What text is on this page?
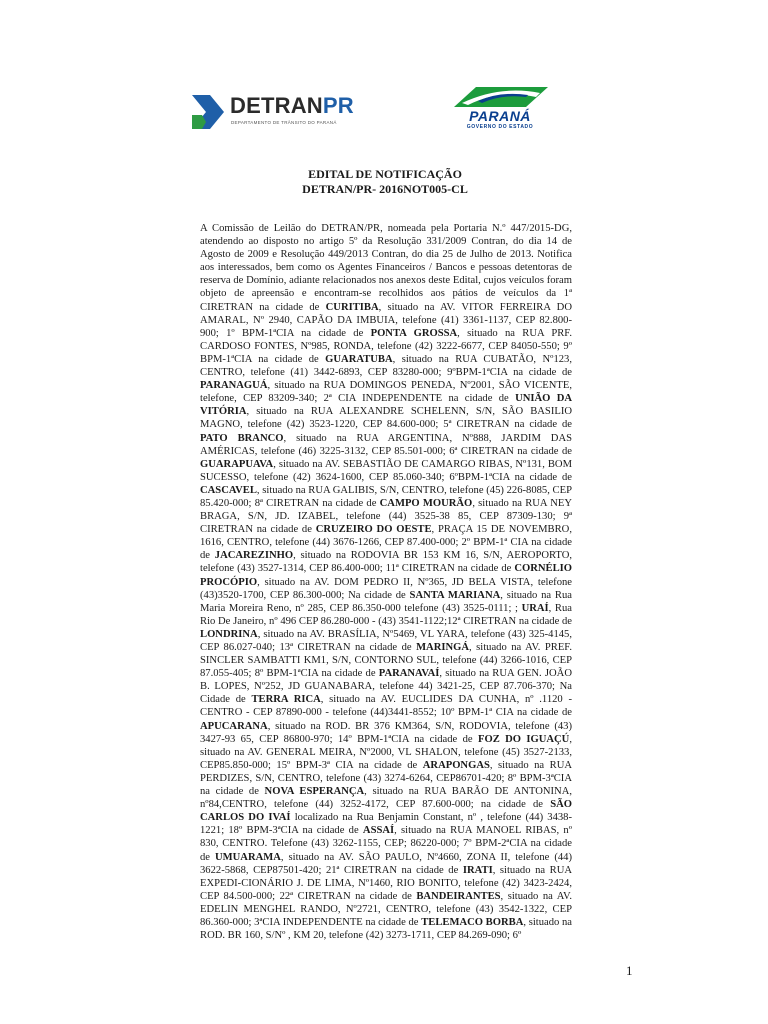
DETRANPR
DEPARTAMENTO DE TRÂNSITO DO PARANÁ	PARANÁ
GOVERNO DO ESTADO
EDITAL DE NOTIFICAÇÃO
DETRAN/PR- 2016NOT005-CL

A Comissão de Leilão do DETRAN/PR, nomeada pela Portaria N.º 447/2015-DG, atendendo ao disposto no artigo 5º da Resolução 331/2009 Contran, do dia 14 de Agosto de 2009 e Resolução 449/2013 Contran, do dia 25 de Julho de 2013. Notifica aos interessados, bem como os Agentes Financeiros / Bancos e pessoas detentoras de reserva de Domínio, adiante relacionados nos anexos deste Edital, cujos veículos foram objeto de apreensão e encontram-se recolhidos aos pátios de veículos da 1ª CIRETRAN na cidade de CURITIBA, situado na AV. VITOR FERREIRA DO AMARAL, Nº 2940, CAPÃO DA IMBUIA, telefone (41) 3361-1137, CEP 82.800-900; 1º BPM-1ªCIA na cidade de PONTA GROSSA, situado na RUA PRF. CARDOSO FONTES, Nº985, RONDA, telefone (42) 3222-6677, CEP 84050-550; 9º BPM-1ªCIA na cidade de GUARATUBA, situado na RUA CUBATÃO, Nº123, CENTRO, telefone (41) 3442-6893, CEP 83280-000; 9ºBPM-1ªCIA na cidade de PARANAGUÁ, situado na RUA DOMINGOS PENEDA, Nº2001, SÃO VICENTE, telefone, CEP 83209-340; 2ª CIA INDEPENDENTE na cidade de UNIÃO DA VITÓRIA, situado na RUA ALEXANDRE SCHELENN, S/N, SÃO BASILIO MAGNO, telefone (42) 3523-1220, CEP 84.600-000; 5ª CIRETRAN na cidade de PATO BRANCO, situado na RUA ARGENTINA, Nº888, JARDIM DAS AMÉRICAS, telefone (46) 3225-3132, CEP 85.501-000; 6ª CIRETRAN na cidade de GUARAPUAVA, situado na AV. SEBASTIÃO DE CAMARGO RIBAS, Nº131, BOM SUCESSO, telefone (42) 3624-1600, CEP 85.060-340; 6ºBPM-1ªCIA na cidade de CASCAVEL, situado na RUA GALIBIS, S/N, CENTRO, telefone (45) 226-8085, CEP 85.420-000; 8ª CIRETRAN na cidade de CAMPO MOURÃO, situado na RUA NEY BRAGA, S/N, JD. IZABEL, telefone (44) 3525-38 85, CEP 87309-130; 9ª CIRETRAN na cidade de CRUZEIRO DO OESTE, PRAÇA 15 DE NOVEMBRO, 1616, CENTRO, telefone (44) 3676-1266, CEP 87.400-000; 2º BPM-1ª CIA na cidade de JACAREZINHO, situado na RODOVIA BR 153 KM 16, S/N, AEROPORTO, telefone (43) 3527-1314, CEP 86.400-000; 11ª CIRETRAN na cidade de CORNÉLIO PROCÓPIO, situado na AV. DOM PEDRO II, Nº365, JD BELA VISTA, telefone (43)3520-1700, CEP 86.300-000; Na cidade de SANTA MARIANA, situado na Rua Maria Moreira Reno, nº 285, CEP 86.350-000 telefone (43) 3525-0111; ; URAÍ, Rua Rio De Janeiro, nº 496 CEP 86.280-000 - (43) 3541-1122;12ª CIRETRAN na cidade de LONDRINA, situado na AV. BRASÍLIA, Nº5469, VL YARA, telefone (43) 325-4145, CEP 86.027-040; 13ª CIRETRAN na cidade de MARINGÁ, situado na AV. PREF. SINCLER SAMBATTI KM1, S/N, CONTORNO SUL, telefone (44) 3266-1016, CEP 87.055-405; 8º BPM-1ªCIA na cidade de PARANAVAÍ, situado na RUA GEN. JOÃO B. LOPES, Nº252, JD GUANABARA, telefone 44) 3421-25, CEP 87.706-370; Na Cidade de TERRA RICA, situado na AV. EUCLIDES DA CUNHA, nº .1120 - CENTRO - CEP 87890-000 - telefone (44)3441-8552; 10º BPM-1ª CIA na cidade de APUCARANA, situado na ROD. BR 376 KM364, S/N, RODOVIA, telefone (43) 3427-93 65, CEP 86800-970; 14º BPM-1ªCIA na cidade de FOZ DO IGUAÇÚ, situado na AV. GENERAL MEIRA, Nº2000, VL SHALON, telefone (45) 3527-2133, CEP85.850-000; 15º BPM-3ª CIA na cidade de ARAPONGAS, situado na RUA PERDIZES, S/N, CENTRO, telefone (43) 3274-6264, CEP86701-420; 8º BPM-3ªCIA na cidade de NOVA ESPERANÇA, situado na RUA BARÃO DE ANTONINA, nº84,CENTRO, telefone (44) 3252-4172, CEP 87.600-000; na cidade de SÃO CARLOS DO IVAÍ localizado na Rua Benjamin Constant, nº , telefone (44) 3438-1221; 18º BPM-3ªCIA na cidade de ASSAÍ, situado na RUA MANOEL RIBAS, nº 830, CENTRO. Telefone (43) 3262-1155, CEP; 86220-000; 7º BPM-2ªCIA na cidade de UMUARAMA, situado na AV. SÃO PAULO, Nº4660, ZONA II, telefone (44) 3622-5868, CEP87501-420; 21ª CIRETRAN na cidade de IRATI, situado na RUA EXPEDI-CIONÁRIO J. DE LIMA, Nº1460, RIO BONITO, telefone (42) 3423-2424, CEP 84.500-000; 22ª CIRETRAN na cidade de BANDEIRANTES, situado na AV. EDELIN MENGHEL RANDO, Nº2721, CENTRO, telefone (43) 3542-1322, CEP 86.360-000; 3ªCIA INDEPENDENTE na cidade de TELEMACO BORBA, situado na ROD. BR 160, S/Nº , KM 20, telefone (42) 3273-1711, CEP 84.269-090; 6º

1
